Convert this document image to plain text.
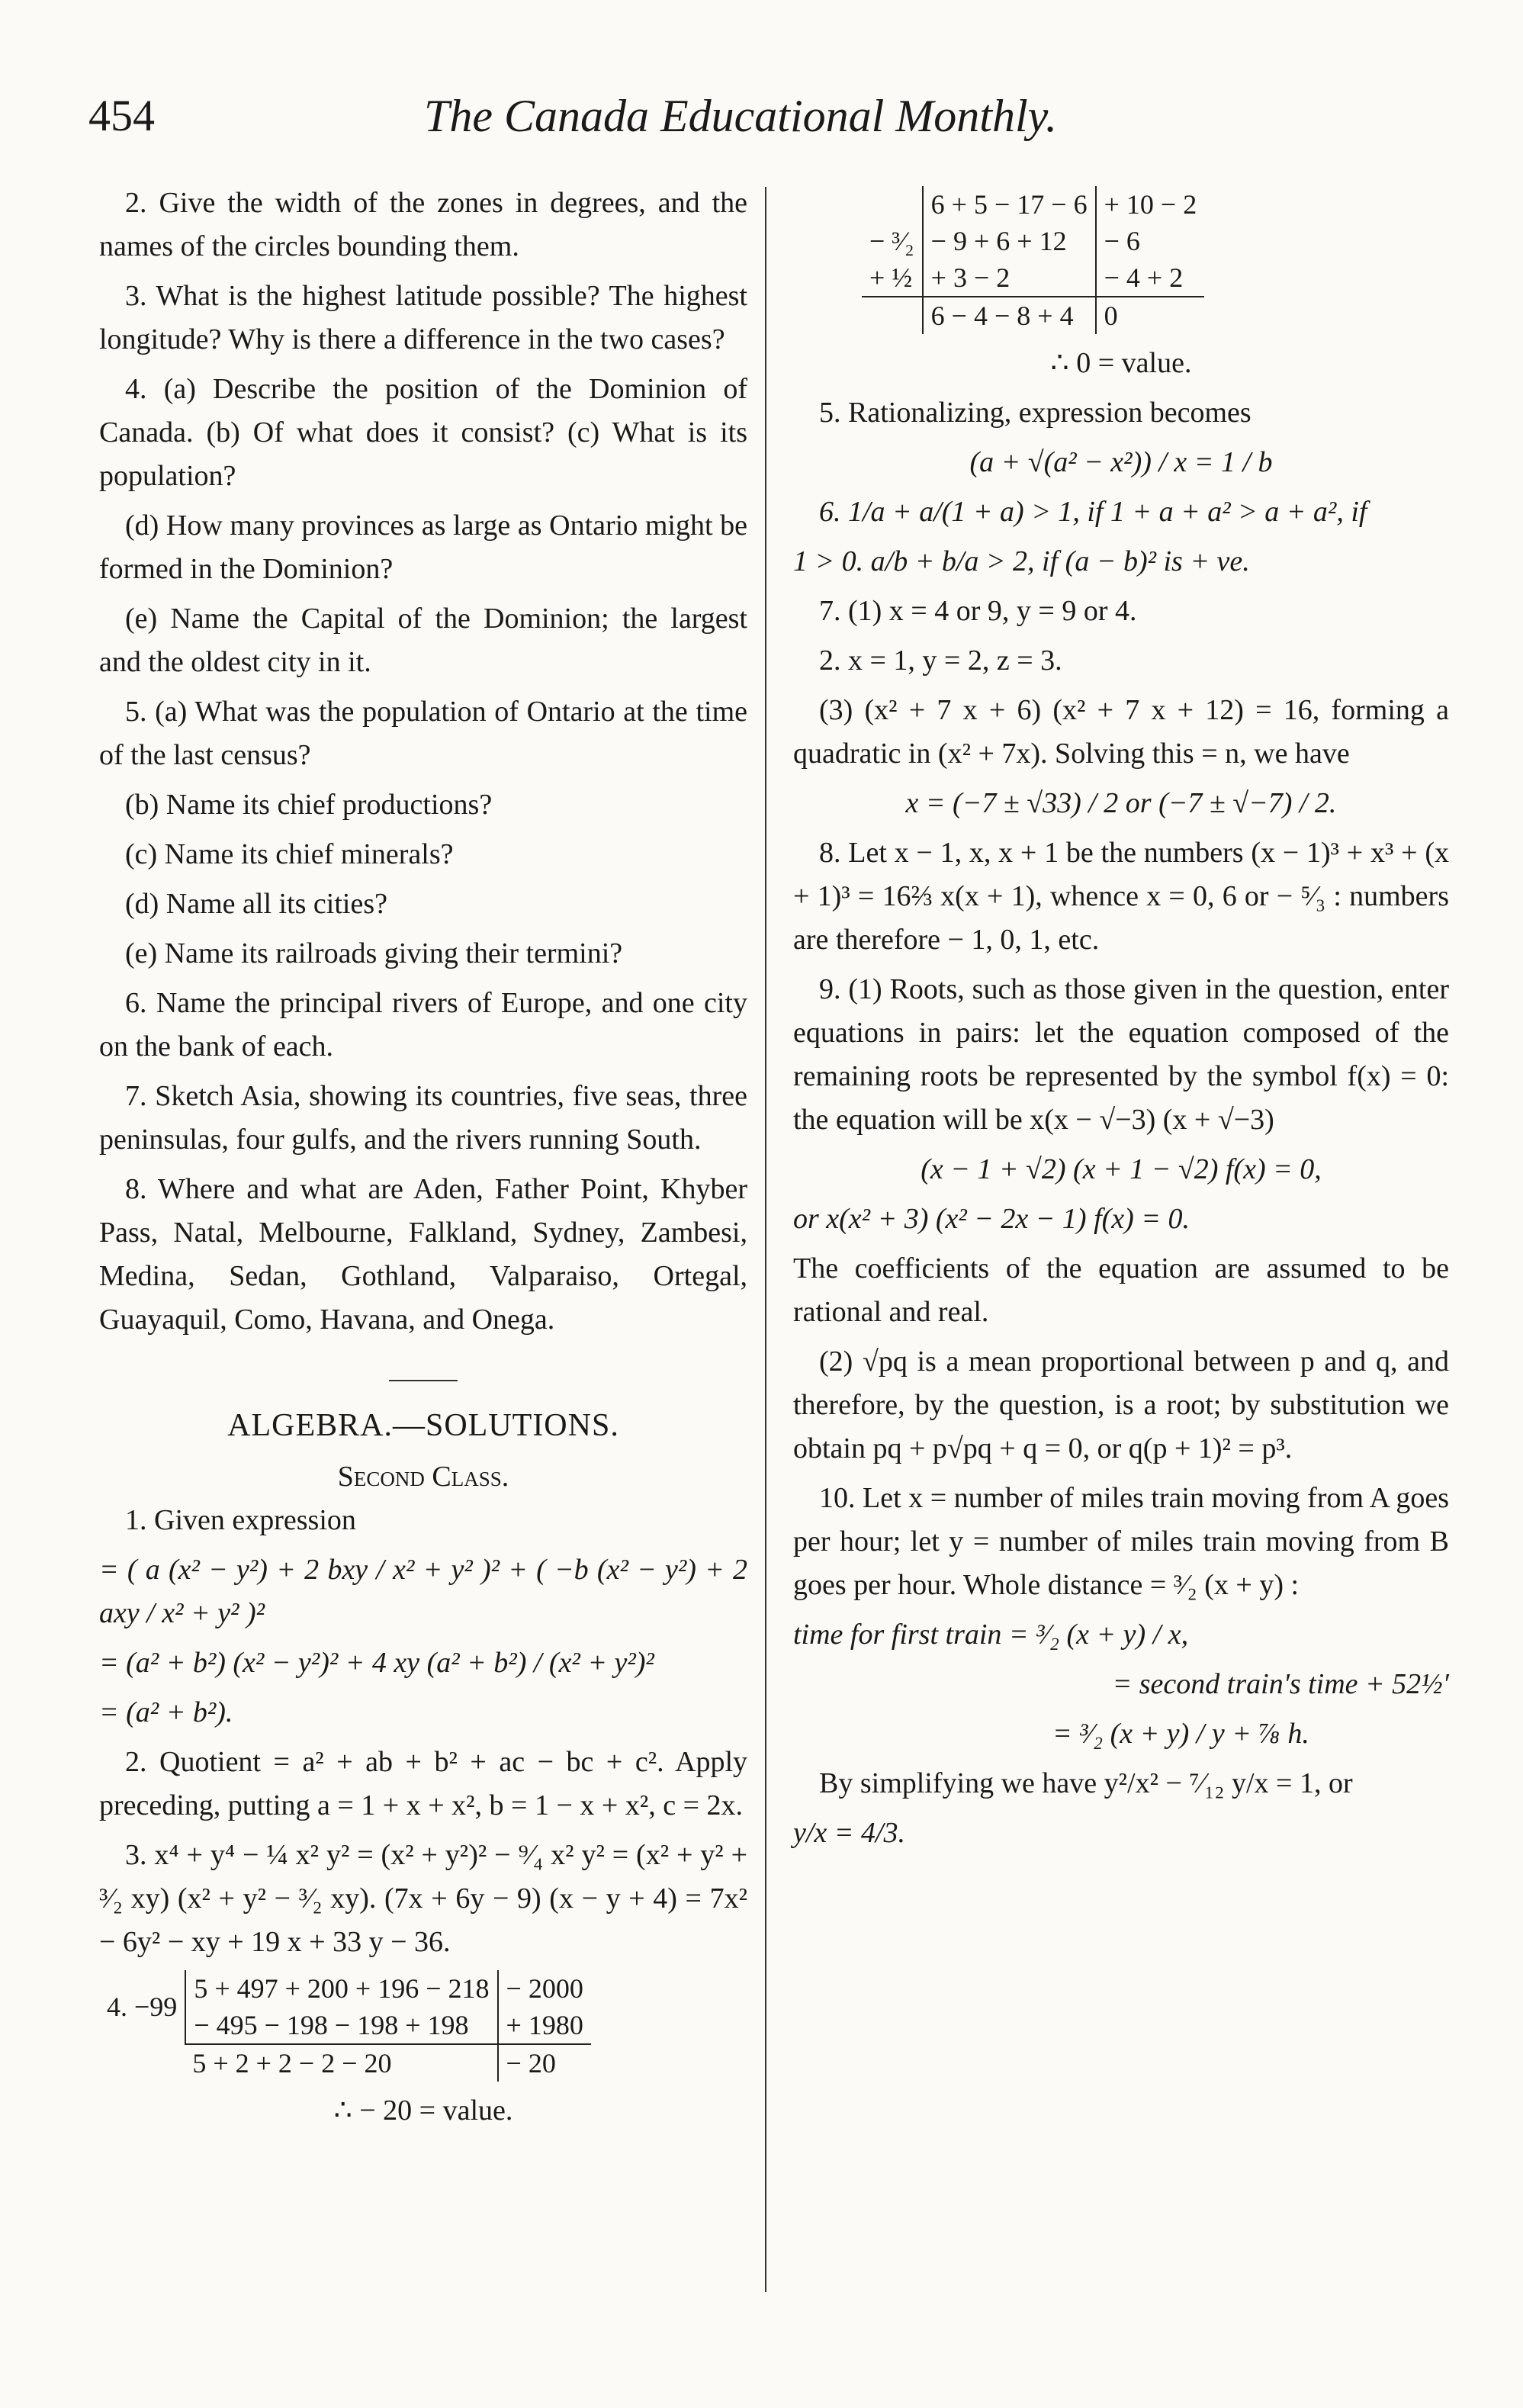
454	The Canada Educational Monthly.

2. Give the width of the zones in degrees, and the names of the circles bounding them.

3. What is the highest latitude possible? The highest longitude? Why is there a difference in the two cases?

4. (a) Describe the position of the Dominion of Canada. (b) Of what does it consist? (c) What is its population?

(d) How many provinces as large as Ontario might be formed in the Dominion?

(e) Name the Capital of the Dominion; the largest and the oldest city in it.

5. (a) What was the population of Ontario at the time of the last census?

(b) Name its chief productions?

(c) Name its chief minerals?

(d) Name all its cities?

(e) Name its railroads giving their termini?

6. Name the principal rivers of Europe, and one city on the bank of each.

7. Sketch Asia, showing its countries, five seas, three peninsulas, four gulfs, and the rivers running South.

8. Where and what are Aden, Father Point, Khyber Pass, Natal, Melbourne, Falkland, Sydney, Zambesi, Medina, Sedan, Gothland, Valparaiso, Ortegal, Guayaquil, Como, Havana, and Onega.

ALGEBRA.—SOLUTIONS.
Second Class.

1. Given expression

= ( a (x² − y²) + 2 bxy / x² + y² )² + ( −b (x² − y²) + 2 axy / x² + y² )²

= (a² + b²) (x² − y²)² + 4 xy (a² + b²) / (x² + y²)²

= (a² + b²).

2. Quotient = a² + ab + b² + ac − bc + c². Apply preceding, putting a = 1 + x + x², b = 1 − x + x², c = 2x.

3. x⁴ + y⁴ − ¼ x² y² = (x² + y²)² − ⁹⁄₄ x² y² = (x² + y² + ³⁄₂ xy) (x² + y² − ³⁄₂ xy). (7x + 6y − 9) (x − y + 4) = 7x² − 6y² − xy + 19 x + 33 y − 36.

4. −99	5 + 497 + 200 + 196 − 218	− 2000
	− 495 − 198 − 198 + 198	+ 1980
	5 + 2 + 2 − 2 − 20	− 20

∴ − 20 = value.

	6 + 5 − 17 − 6	+ 10 − 2
− ³⁄₂	− 9 + 6 + 12	− 6
+ ½	+ 3 − 2	− 4 + 2
	6 − 4 − 8 + 4	0

∴ 0 = value.

5. Rationalizing, expression becomes

(a + √(a² − x²)) / x = 1 / b

6. 1/a + a/(1 + a) > 1, if 1 + a + a² > a + a², if

1 > 0. a/b + b/a > 2, if (a − b)² is + ve.

7. (1) x = 4 or 9, y = 9 or 4.

2. x = 1, y = 2, z = 3.

(3) (x² + 7 x + 6) (x² + 7 x + 12) = 16, forming a quadratic in (x² + 7x). Solving this = n, we have

x = (−7 ± √33) / 2 or (−7 ± √−7) / 2.

8. Let x − 1, x, x + 1 be the numbers (x − 1)³ + x³ + (x + 1)³ = 16⅔ x(x + 1), whence x = 0, 6 or − ⁵⁄₃ : numbers are therefore − 1, 0, 1, etc.

9. (1) Roots, such as those given in the question, enter equations in pairs: let the equation composed of the remaining roots be represented by the symbol f(x) = 0: the equation will be x(x − √−3) (x + √−3)

(x − 1 + √2) (x + 1 − √2) f(x) = 0,

or x(x² + 3) (x² − 2x − 1) f(x) = 0.

The coefficients of the equation are assumed to be rational and real.

(2) √pq is a mean proportional between p and q, and therefore, by the question, is a root; by substitution we obtain pq + p√pq + q = 0, or q(p + 1)² = p³.

10. Let x = number of miles train moving from A goes per hour; let y = number of miles train moving from B goes per hour. Whole distance = ³⁄₂ (x + y) :

time for first train = ³⁄₂ (x + y) / x,

= second train's time + 52½′

= ³⁄₂ (x + y) / y + ⅞ h.

By simplifying we have y²/x² − ⁷⁄₁₂ y/x = 1, or

y/x = 4/3.
